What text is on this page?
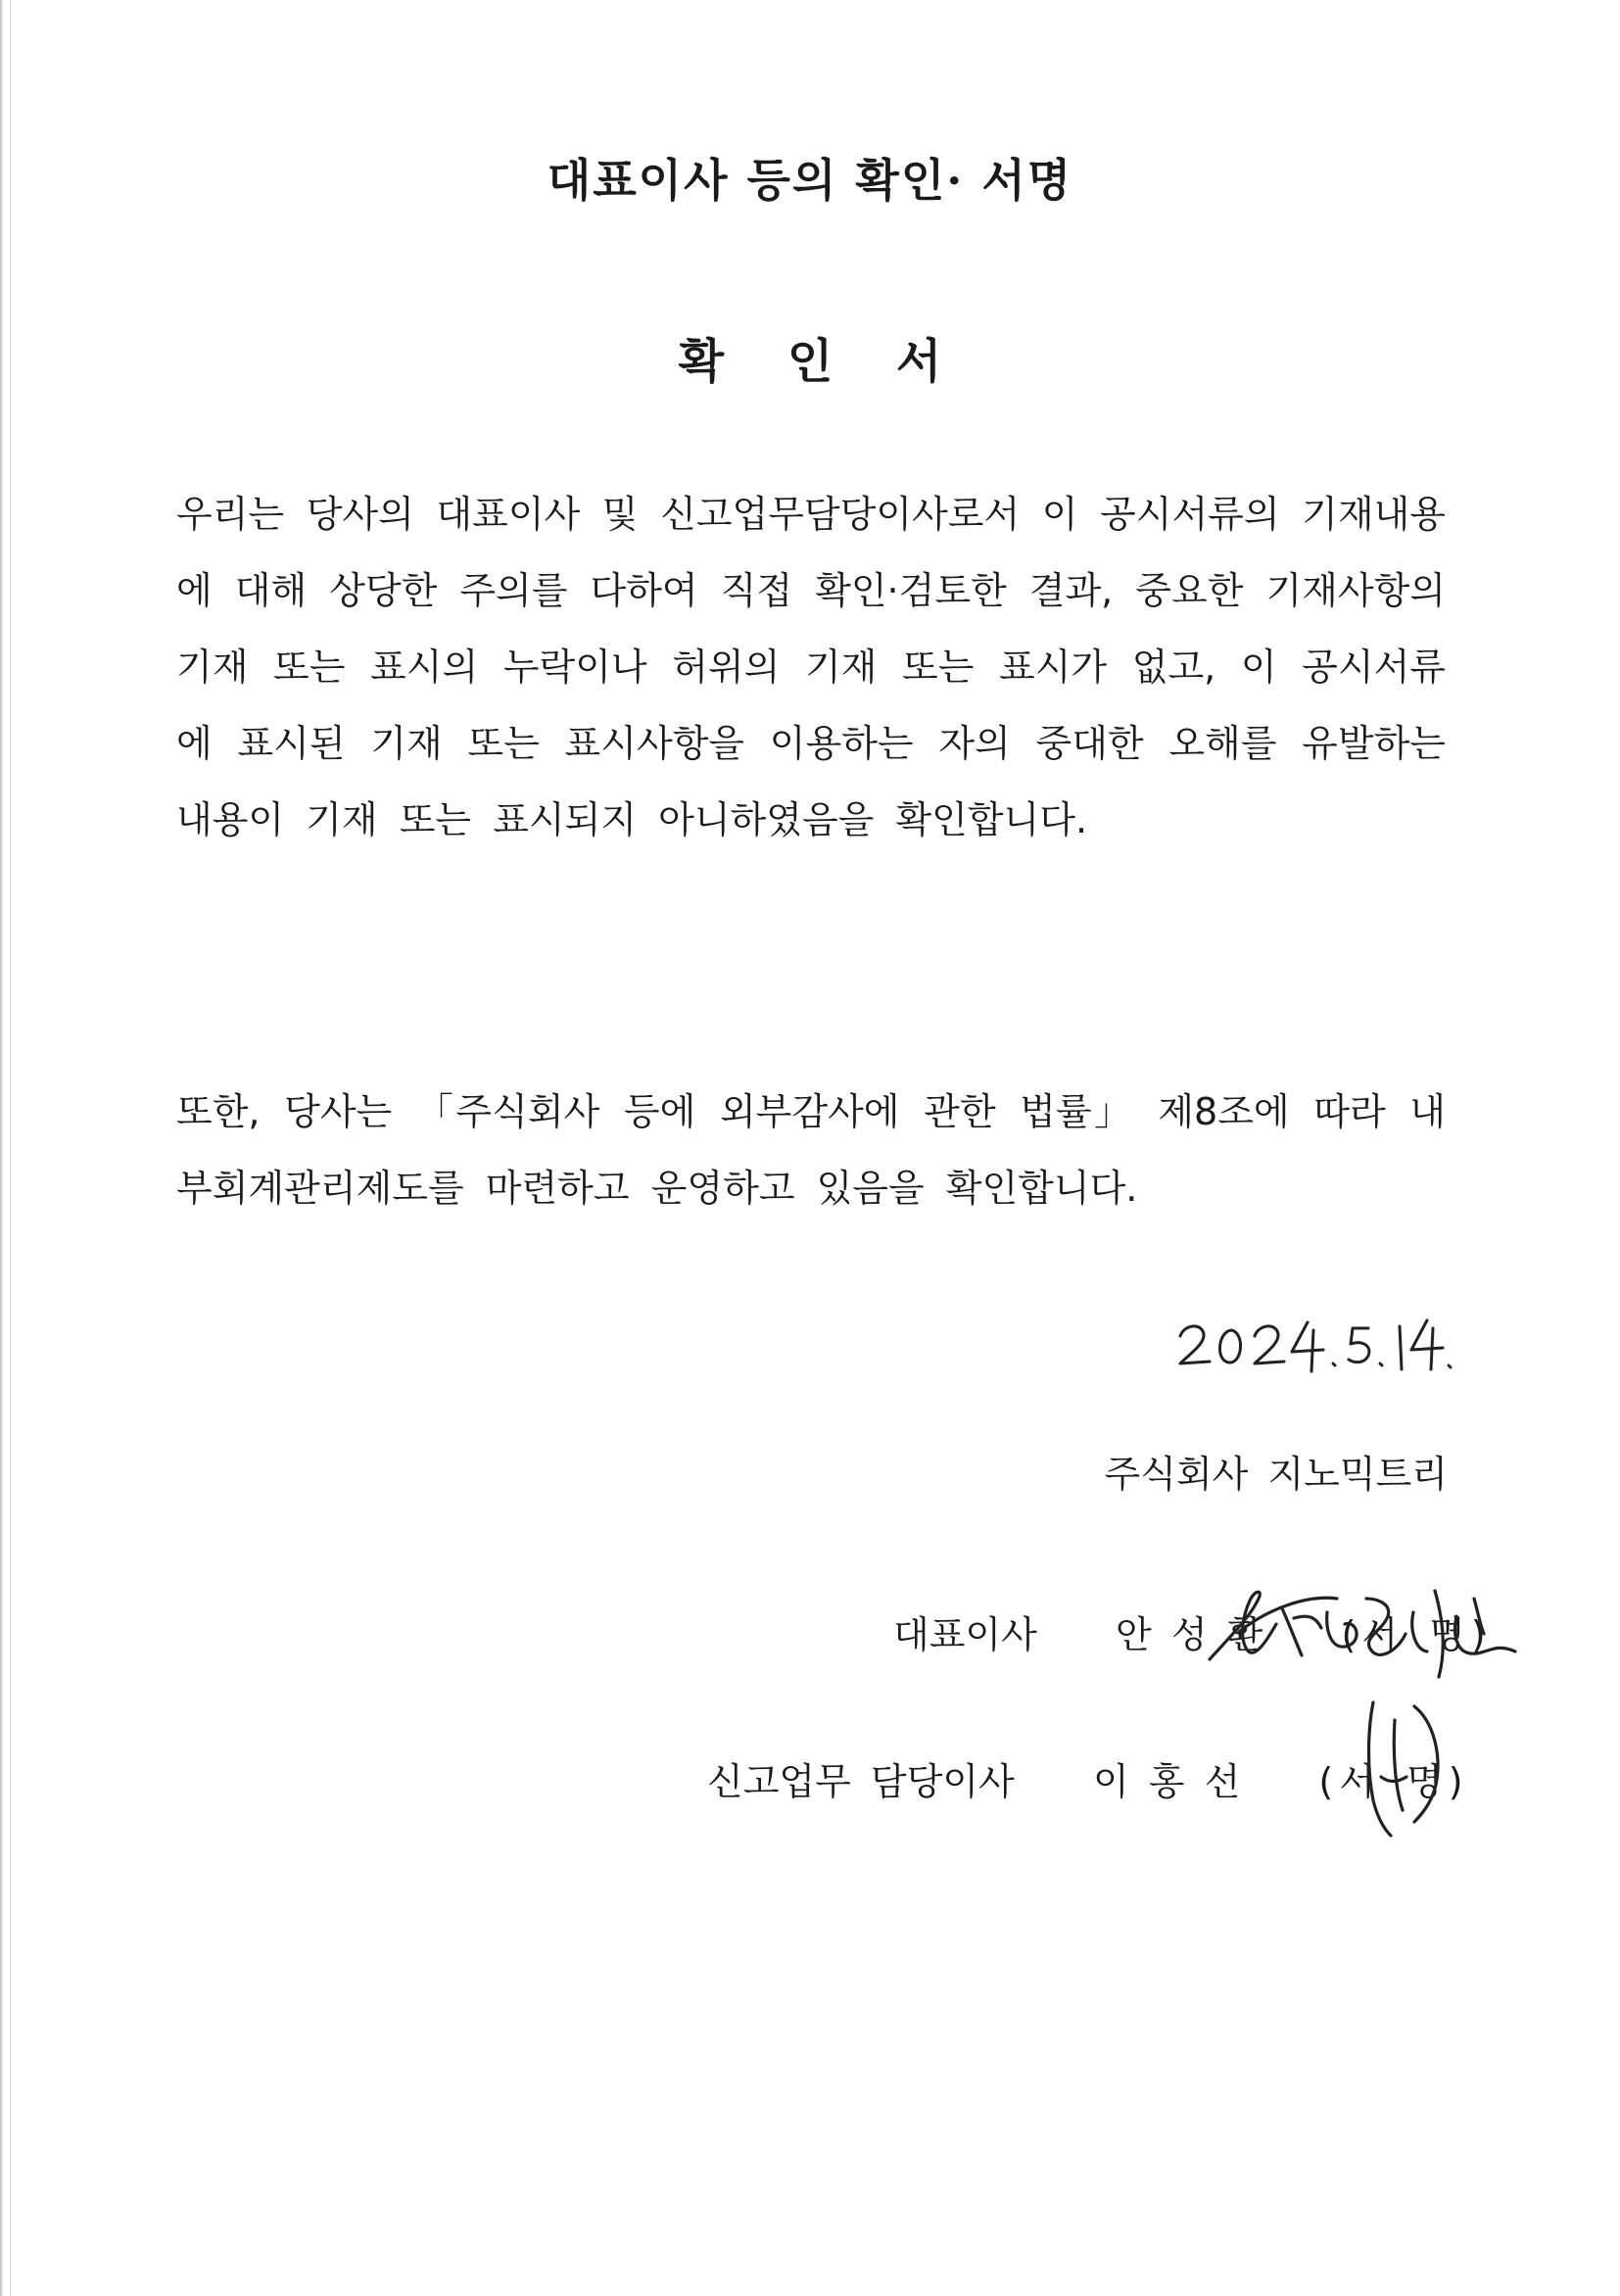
대표이사 등의 확인· 서명
확 인 서

우리는 당사의 대표이사 및 신고업무담당이사로서 이 공시서류의 기재내용에 대해 상당한 주의를 다하여 직접 확인·검토한 결과, 중요한 기재사항의 기재 또는 표시의 누락이나 허위의 기재 또는 표시가 없고, 이 공시서류에 표시된 기재 또는 표시사항을 이용하는 자의 중대한 오해를 유발하는 내용이 기재 또는 표시되지 아니하였음을 확인합니다.

또한, 당사는 「주식회사 등에 외부감사에 관한 법률」 제8조에 따라 내부회계관리제도를 마련하고 운영하고 있음을 확인합니다.

주식회사 지노믹트리

대표이사 안 성 환 (서 명)
신고업무 담당이사 이 홍 선 (서 명)
